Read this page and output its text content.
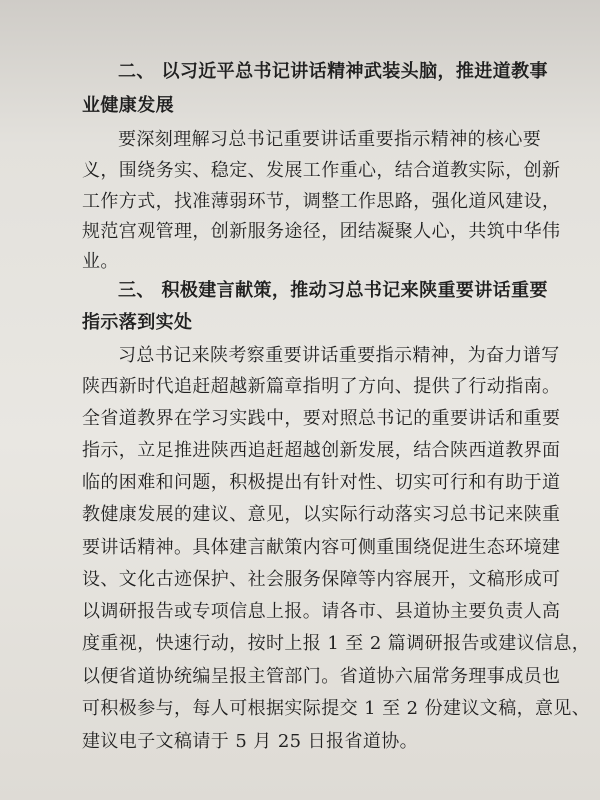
二、 以习近平总书记讲话精神武装头脑，推进道教事
业健康发展
要深刻理解习总书记重要讲话重要指示精神的核心要
义，围绕务实、稳定、发展工作重心，结合道教实际，创新
工作方式，找准薄弱环节，调整工作思路，强化道风建设，
规范宫观管理，创新服务途径，团结凝聚人心，共筑中华伟
业。
三、 积极建言献策，推动习总书记来陕重要讲话重要
指示落到实处
习总书记来陕考察重要讲话重要指示精神，为奋力谱写
陕西新时代追赶超越新篇章指明了方向、提供了行动指南。
全省道教界在学习实践中，要对照总书记的重要讲话和重要
指示，立足推进陕西追赶超越创新发展，结合陕西道教界面
临的困难和问题，积极提出有针对性、切实可行和有助于道
教健康发展的建议、意见，以实际行动落实习总书记来陕重
要讲话精神。具体建言献策内容可侧重围绕促进生态环境建
设、文化古迹保护、社会服务保障等内容展开，文稿形成可
以调研报告或专项信息上报。请各市、县道协主要负责人高
度重视，快速行动，按时上报 1 至 2 篇调研报告或建议信息，
以便省道协统编呈报主管部门。省道协六届常务理事成员也
可积极参与，每人可根据实际提交 1 至 2 份建议文稿，意见、
建议电子文稿请于 5 月 25 日报省道协。
